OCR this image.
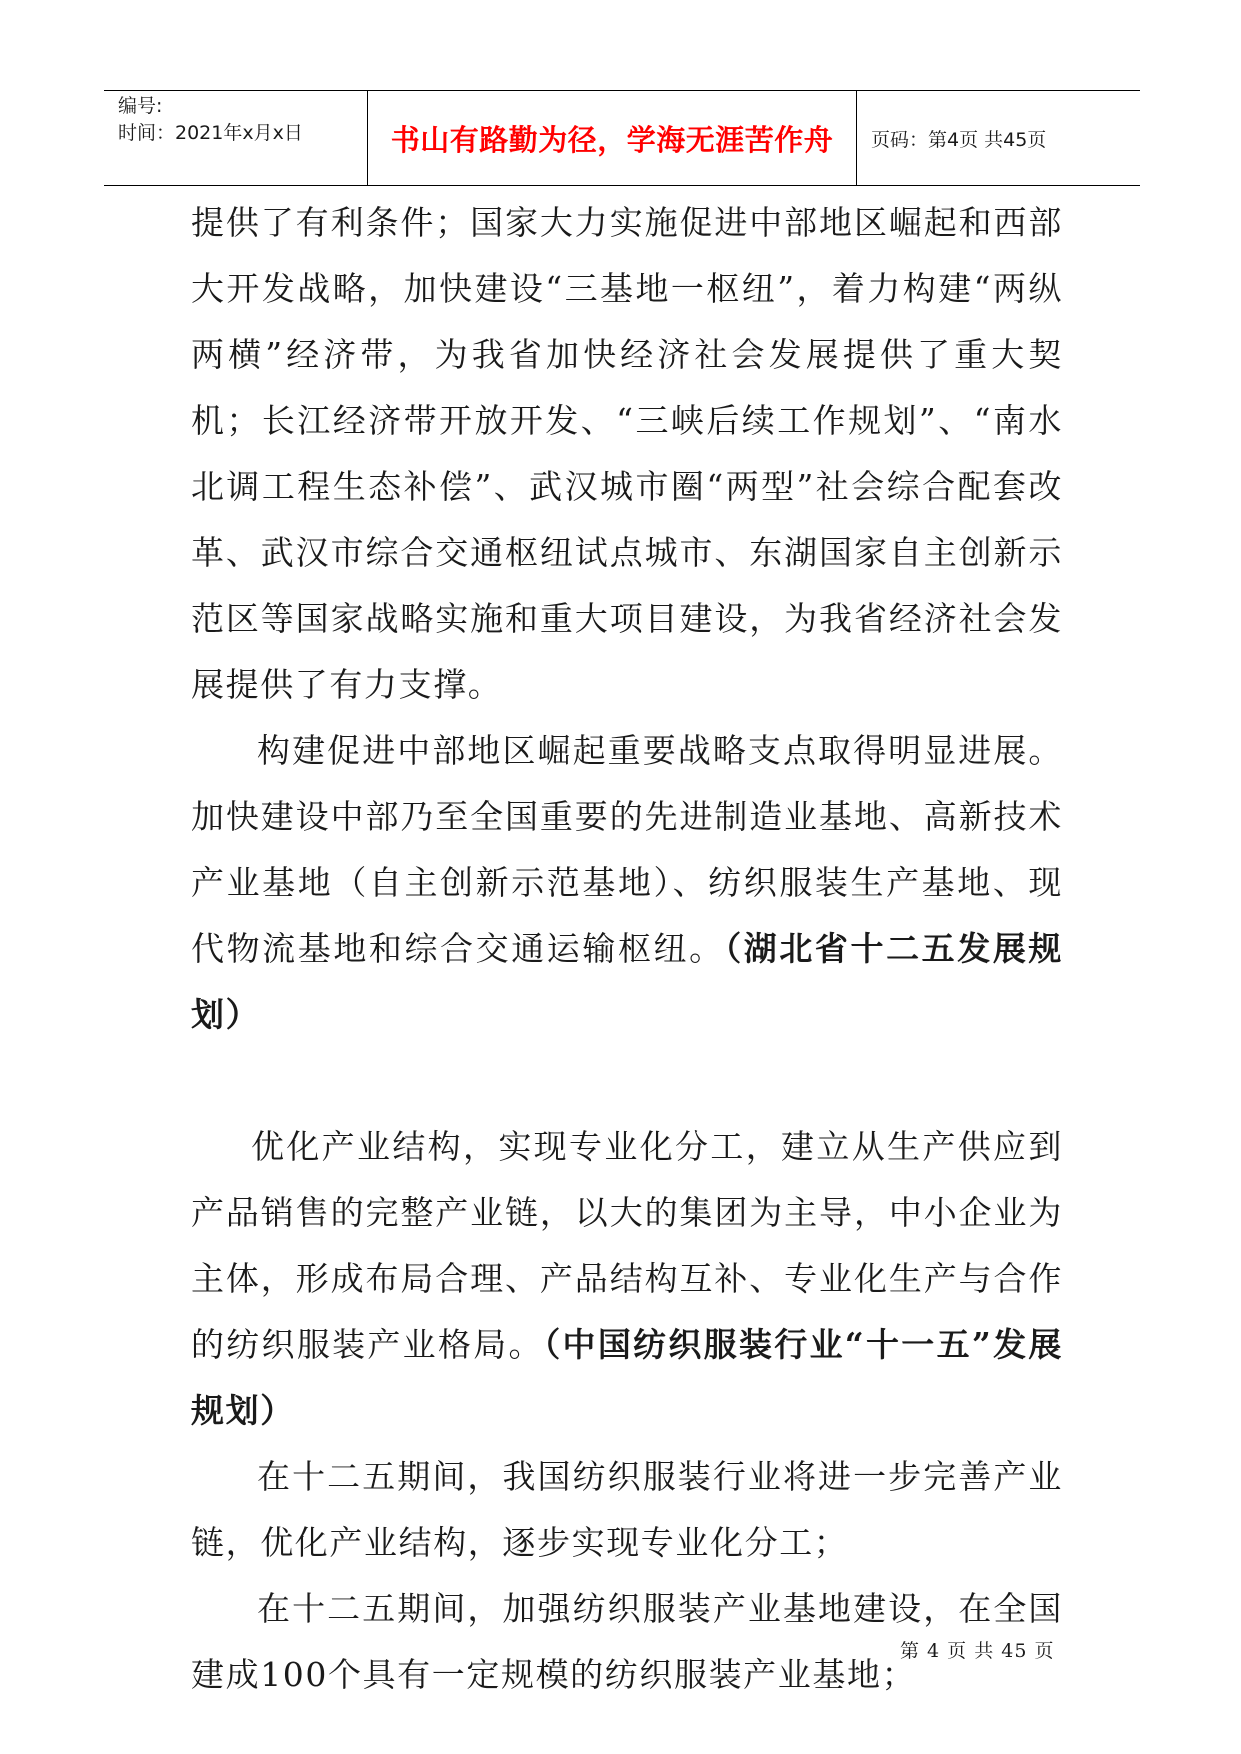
编号:
时间：2021年x月x日	书山有路勤为径，学海无涯苦作舟	页码：第4页 共45页

提供了有利条件；国家大力实施促进中部地区崛起和西部大开发战略，加快建设“三基地一枢纽”，着力构建“两纵两横”经济带，为我省加快经济社会发展提供了重大契机；长江经济带开放开发、“三峡后续工作规划”、“南水北调工程生态补偿”、武汉城市圈“两型”社会综合配套改革、武汉市综合交通枢纽试点城市、东湖国家自主创新示范区等国家战略实施和重大项目建设，为我省经济社会发展提供了有力支撑。

构建促进中部地区崛起重要战略支点取得明显进展。加快建设中部乃至全国重要的先进制造业基地、高新技术产业基地（自主创新示范基地）、纺织服装生产基地、现代物流基地和综合交通运输枢纽。（湖北省十二五发展规划）

优化产业结构，实现专业化分工，建立从生产供应到产品销售的完整产业链，以大的集团为主导，中小企业为主体，形成布局合理、产品结构互补、专业化生产与合作的纺织服装产业格局。（中国纺织服装行业“十一五”发展规划）

在十二五期间，我国纺织服装行业将进一步完善产业链，优化产业结构，逐步实现专业化分工；

在十二五期间，加强纺织服装产业基地建设，在全国建成100个具有一定规模的纺织服装产业基地；

第 4 页 共 45 页
